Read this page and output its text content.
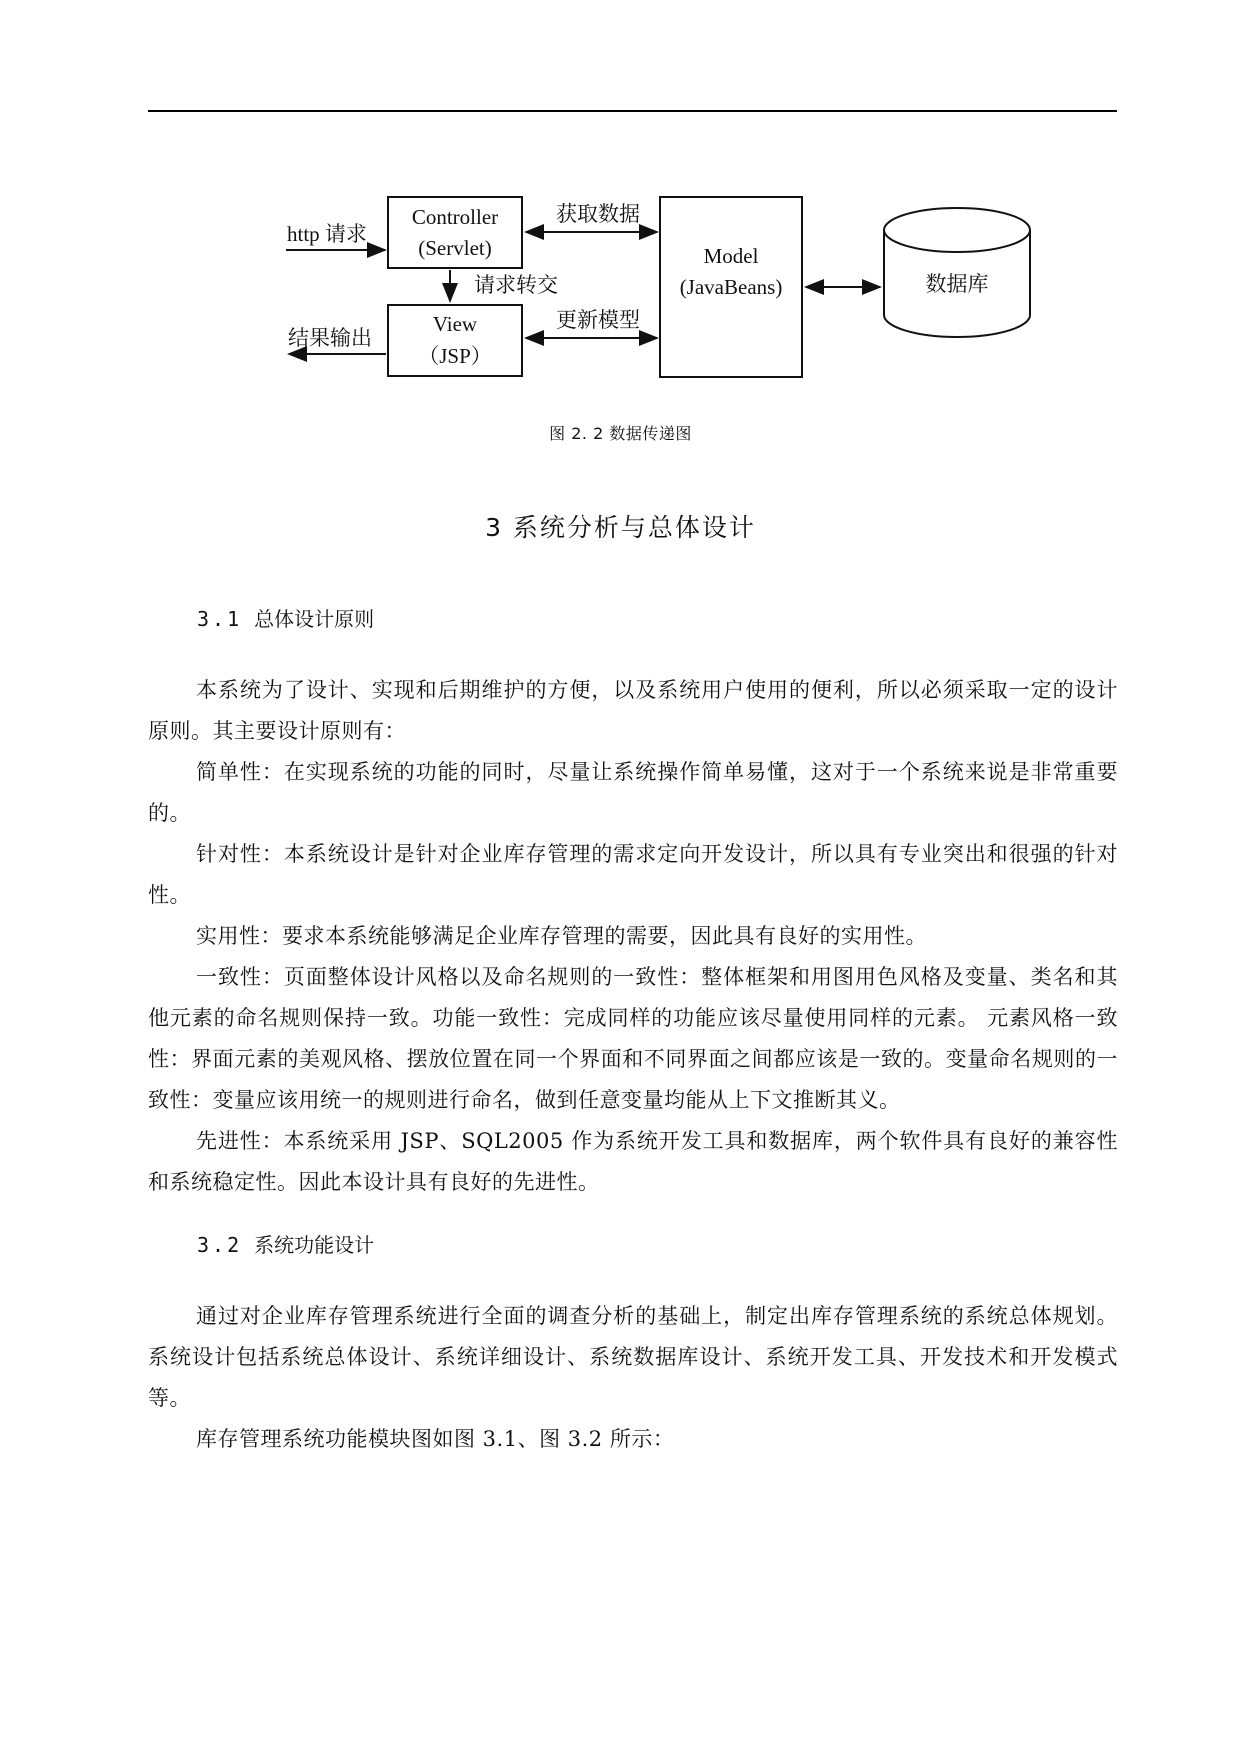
Controller
(Servlet)
View
（JSP）
Model
(JavaBeans)	数据库
http 请求
获取数据
请求转交
更新模型
结果输出
图 2. 2 数据传递图
3 系统分析与总体设计
3.1 总体设计原则

本系统为了设计、实现和后期维护的方便，以及系统用户使用的便利，所以必须采取一定的设计原则。其主要设计原则有：

简单性：在实现系统的功能的同时，尽量让系统操作简单易懂，这对于一个系统来说是非常重要的。

针对性：本系统设计是针对企业库存管理的需求定向开发设计，所以具有专业突出和很强的针对性。

实用性：要求本系统能够满足企业库存管理的需要，因此具有良好的实用性。

一致性：页面整体设计风格以及命名规则的一致性：整体框架和用图用色风格及变量、类名和其他元素的命名规则保持一致。功能一致性：完成同样的功能应该尽量使用同样的元素。 元素风格一致性：界面元素的美观风格、摆放位置在同一个界面和不同界面之间都应该是一致的。变量命名规则的一致性：变量应该用统一的规则进行命名，做到任意变量均能从上下文推断其义。

先进性：本系统采用 JSP、SQL2005 作为系统开发工具和数据库，两个软件具有良好的兼容性和系统稳定性。因此本设计具有良好的先进性。

3.2 系统功能设计

通过对企业库存管理系统进行全面的调查分析的基础上，制定出库存管理系统的系统总体规划。系统设计包括系统总体设计、系统详细设计、系统数据库设计、系统开发工具、开发技术和开发模式等。

库存管理系统功能模块图如图 3.1、图 3.2 所示：
